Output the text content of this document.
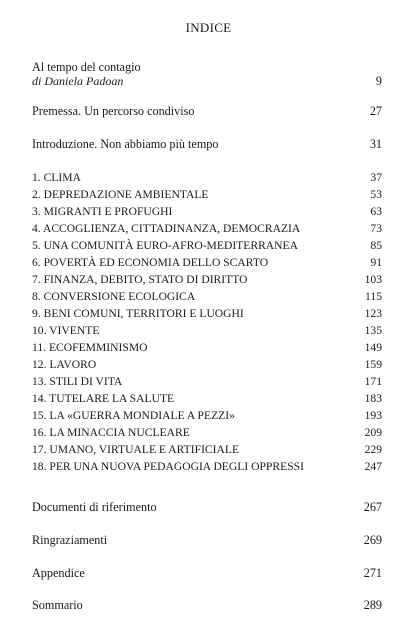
INDICE
Al tempo del contagio
di Daniela Padoan	9
Premessa. Un percorso condiviso	27
Introduzione. Non abbiamo più tempo	31
1. CLIMA	37
2. DEPREDAZIONE AMBIENTALE	53
3. MIGRANTI E PROFUGHI	63
4. ACCOGLIENZA, CITTADINANZA, DEMOCRAZIA	73
5. UNA COMUNITÀ EURO-AFRO-MEDITERRANEA	85
6. POVERTÀ ED ECONOMIA DELLO SCARTO	91
7. FINANZA, DEBITO, STATO DI DIRITTO	103
8. CONVERSIONE ECOLOGICA	115
9. BENI COMUNI, TERRITORI E LUOGHI	123
10. VIVENTE	135
11. ECOFEMMINISMO	149
12. LAVORO	159
13. STILI DI VITA	171
14. TUTELARE LA SALUTE	183
15. LA «GUERRA MONDIALE A PEZZI»	193
16. LA MINACCIA NUCLEARE	209
17. UMANO, VIRTUALE E ARTIFICIALE	229
18. PER UNA NUOVA PEDAGOGIA DEGLI OPPRESSI	247
Documenti di riferimento	267
Ringraziamenti	269
Appendice	271
Sommario	289
